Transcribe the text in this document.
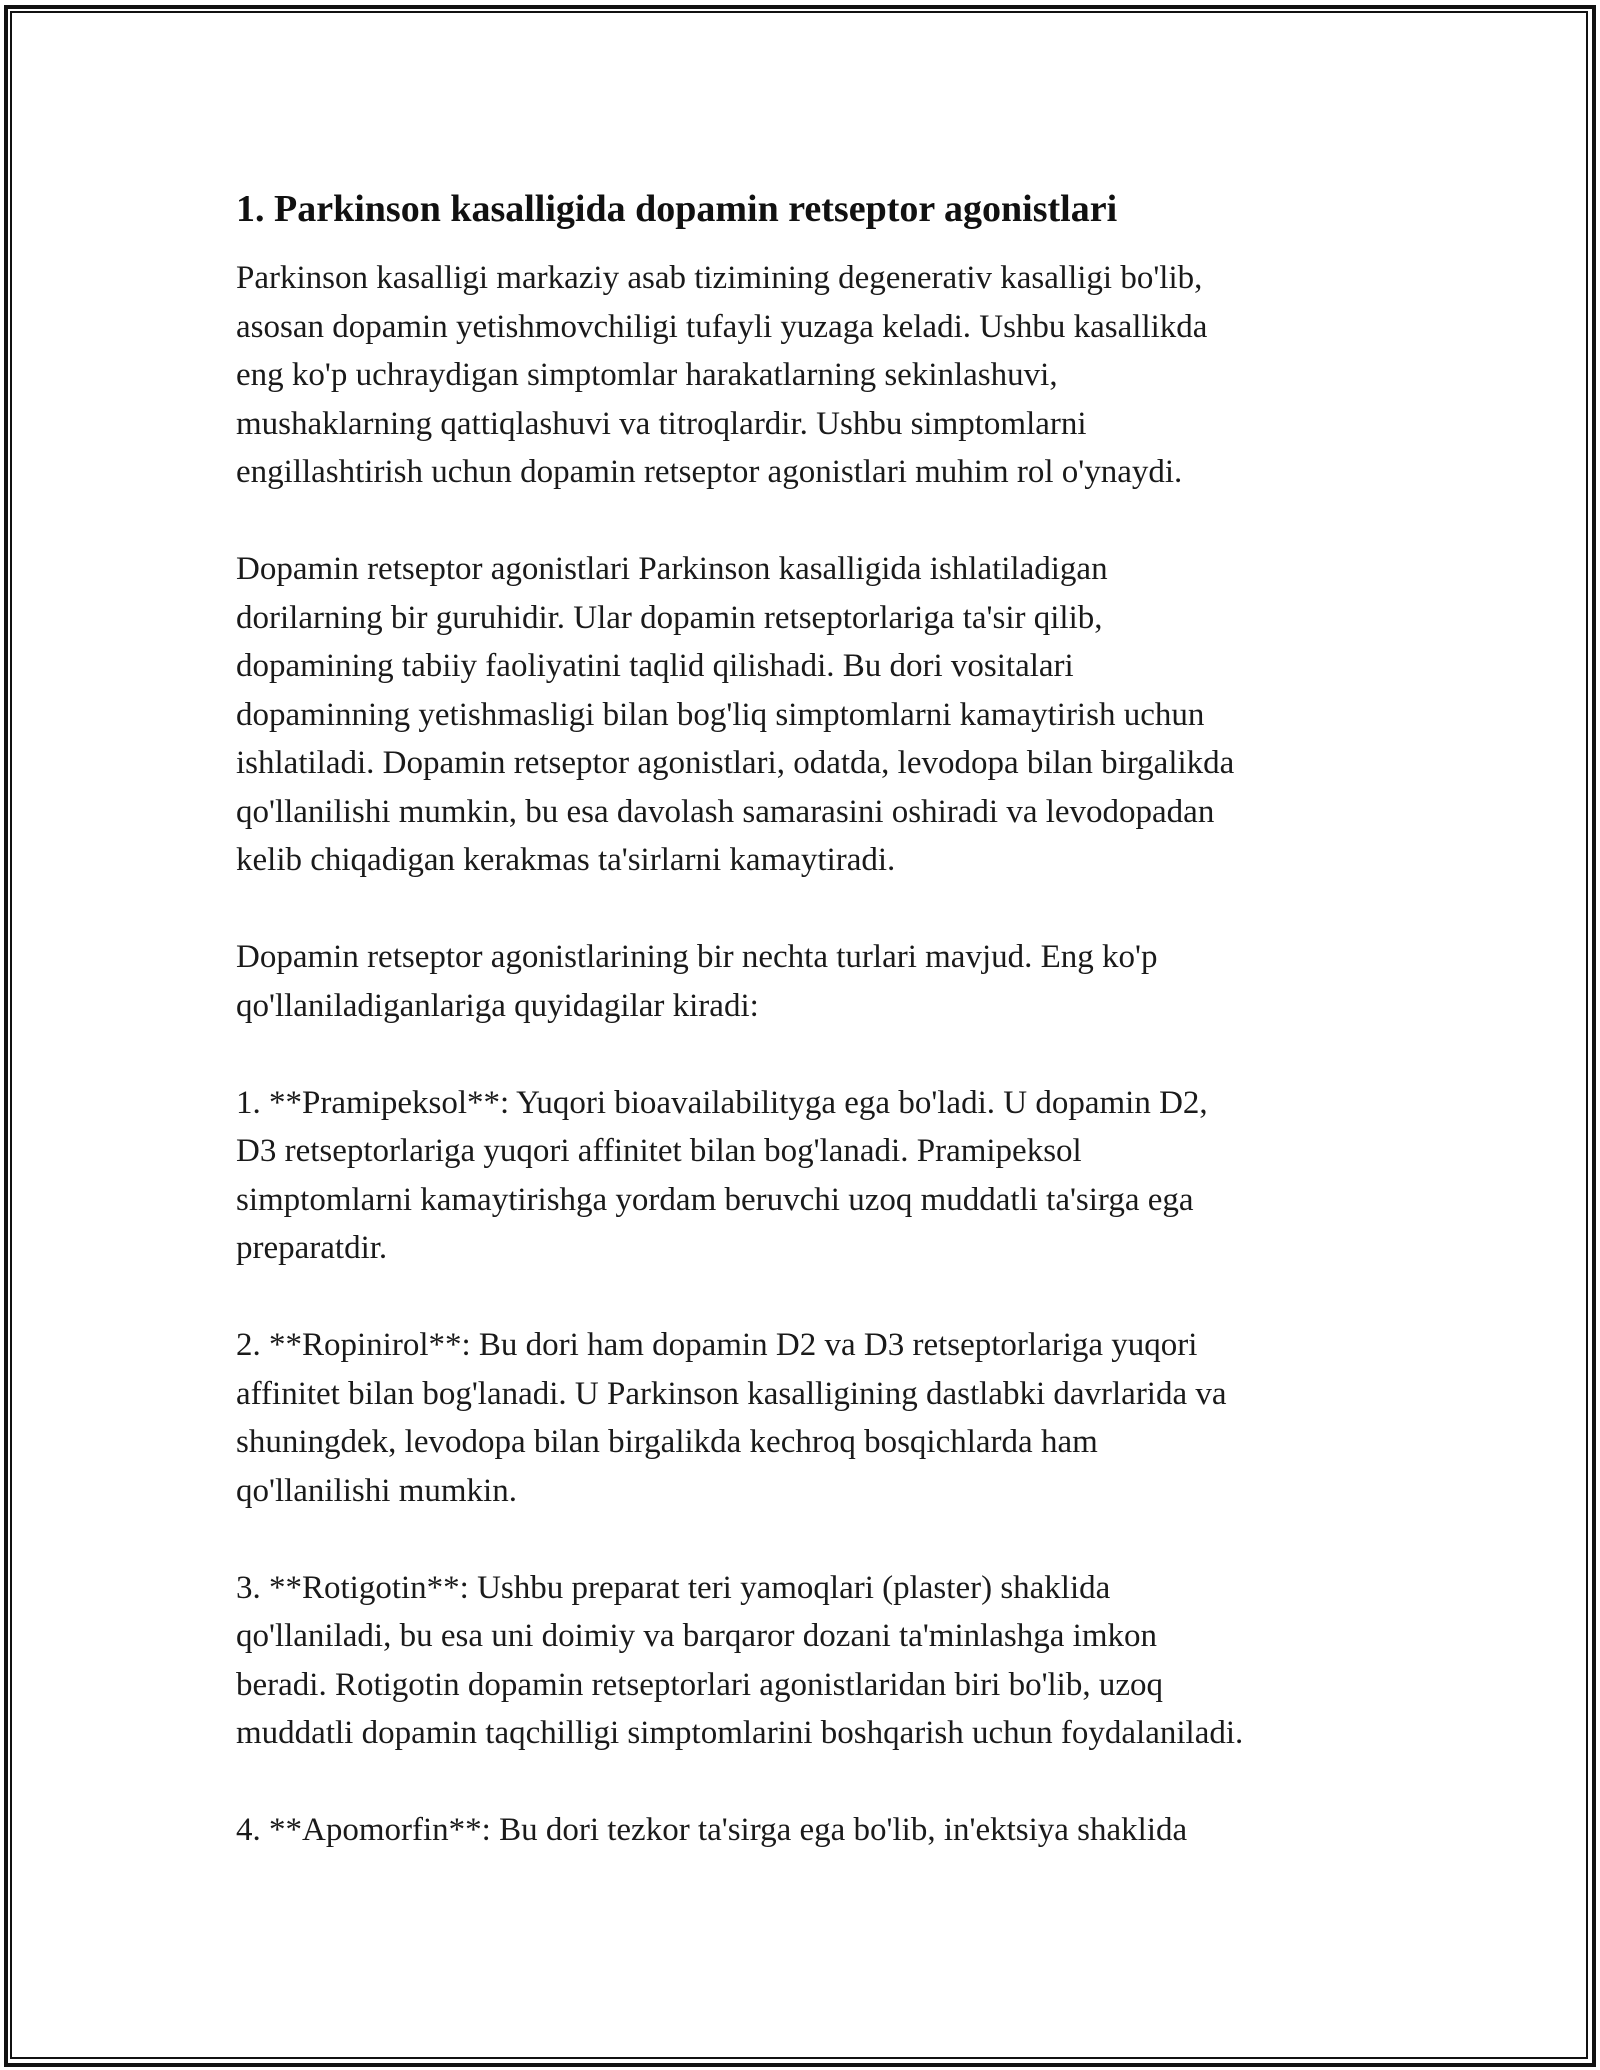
1. Parkinson kasalligida dopamin retseptor agonistlari

Parkinson kasalligi markaziy asab tizimining degenerativ kasalligi bo'lib,
asosan dopamin yetishmovchiligi tufayli yuzaga keladi. Ushbu kasallikda
eng ko'p uchraydigan simptomlar harakatlarning sekinlashuvi,
mushaklarning qattiqlashuvi va titroqlardir. Ushbu simptomlarni
engillashtirish uchun dopamin retseptor agonistlari muhim rol o'ynaydi.

Dopamin retseptor agonistlari Parkinson kasalligida ishlatiladigan
dorilarning bir guruhidir. Ular dopamin retseptorlariga ta'sir qilib,
dopamining tabiiy faoliyatini taqlid qilishadi. Bu dori vositalari
dopaminning yetishmasligi bilan bog'liq simptomlarni kamaytirish uchun
ishlatiladi. Dopamin retseptor agonistlari, odatda, levodopa bilan birgalikda
qo'llanilishi mumkin, bu esa davolash samarasini oshiradi va levodopadan
kelib chiqadigan kerakmas ta'sirlarni kamaytiradi.

Dopamin retseptor agonistlarining bir nechta turlari mavjud. Eng ko'p
qo'llaniladiganlariga quyidagilar kiradi:

1. **Pramipeksol**: Yuqori bioavailabilityga ega bo'ladi. U dopamin D2,
D3 retseptorlariga yuqori affinitet bilan bog'lanadi. Pramipeksol
simptomlarni kamaytirishga yordam beruvchi uzoq muddatli ta'sirga ega
preparatdir.

2. **Ropinirol**: Bu dori ham dopamin D2 va D3 retseptorlariga yuqori
affinitet bilan bog'lanadi. U Parkinson kasalligining dastlabki davrlarida va
shuningdek, levodopa bilan birgalikda kechroq bosqichlarda ham
qo'llanilishi mumkin.

3. **Rotigotin**: Ushbu preparat teri yamoqlari (plaster) shaklida
qo'llaniladi, bu esa uni doimiy va barqaror dozani ta'minlashga imkon
beradi. Rotigotin dopamin retseptorlari agonistlaridan biri bo'lib, uzoq
muddatli dopamin taqchilligi simptomlarini boshqarish uchun foydalaniladi.

4. **Apomorfin**: Bu dori tezkor ta'sirga ega bo'lib, in'ektsiya shaklida
